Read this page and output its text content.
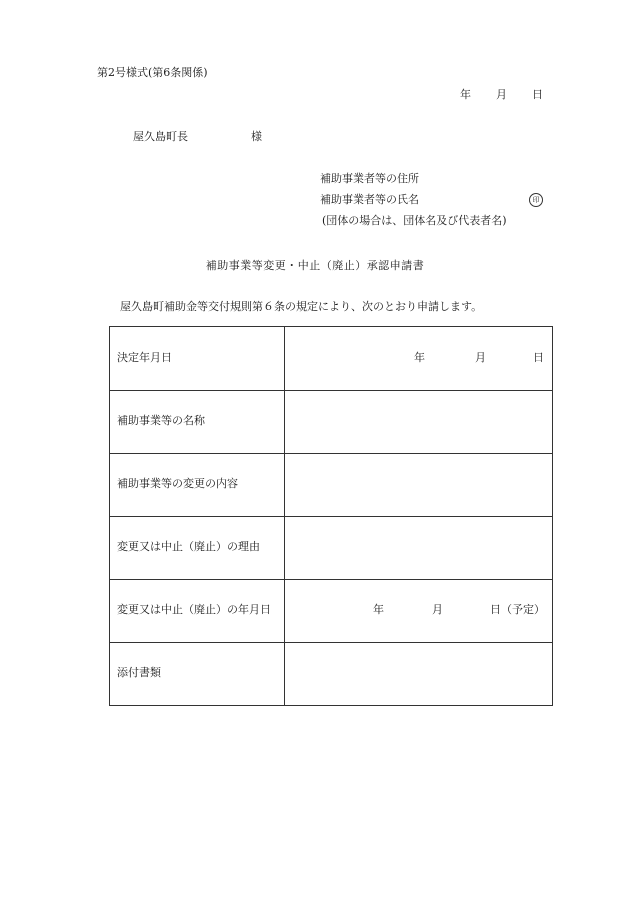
第2号様式(第6条関係)
年 月 日
屋久島町長	様
補助事業者等の住所
補助事業者等の氏名	印
(団体の場合は、団体名及び代表者名)
補助事業等変更・中止（廃止）承認申請書
屋久島町補助金等交付規則第６条の規定により、次のとおり申請します。
決定年月日	年	月	日
補助事業等の名称
補助事業等の変更の内容
変更又は中止（廃止）の理由
変更又は中止（廃止）の年月日	年	月	日（予定）
添付書類
